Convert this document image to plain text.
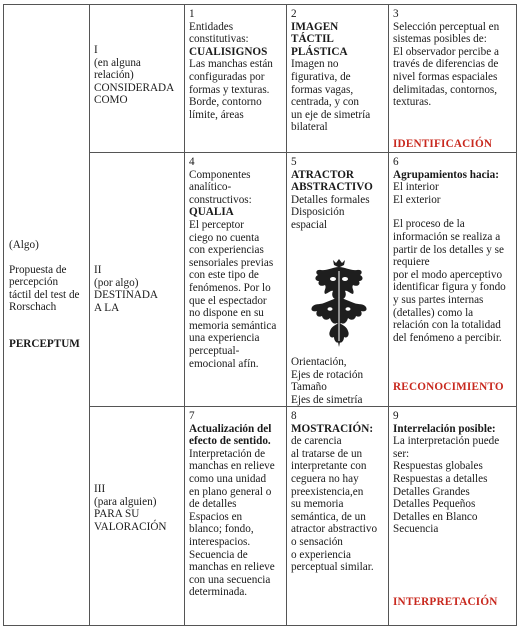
(Algo)
Propuesta de
percepción
táctil del test de
Rorschach
PERCEPTUM
I
(en alguna
relación)
CONSIDERADA
COMO
1
Entidades
constitutivas:
CUALISIGNOS
Las manchas están
configuradas por
formas y texturas.
Borde, contorno
límite, áreas
2
IMAGEN
TÁCTIL
PLÁSTICA
Imagen no
figurativa, de
formas vagas,
centrada, y con
un eje de simetría
bilateral
3
Selección perceptual en
sistemas posibles de:
El observador percibe a
través de diferencias de
nivel formas espaciales
delimitadas, contornos,
texturas.
IDENTIFICACIÓN
II
(por algo)
DESTINADA
A LA
4
Componentes
analítico-
constructivos:
QUALIA
El perceptor
ciego no cuenta
con experiencias
sensoriales previas
con este tipo de
fenómenos. Por lo
que el espectador
no dispone en su
memoria semántica
una experiencia
perceptual-
emocional afín.
5
ATRACTOR
ABSTRACTIVO
Detalles formales
Disposición
espacial
Orientación,
Ejes de rotación
Tamaño
Ejes de simetría
6
Agrupamientos hacia:
El interior
El exterior
El proceso de la
información se realiza a
partir de los detalles y se
requiere
por el modo aperceptivo
identificar figura y fondo
y sus partes internas
(detalles) como la
relación con la totalidad
del fenómeno a percibir.
RECONOCIMIENTO
III
(para alguien)
PARA SU
VALORACIÓN
7
Actualización del
efecto de sentido.
Interpretación de
manchas en relieve
como una unidad
en plano general o
de detalles
Espacios en
blanco; fondo,
interespacios.
Secuencia de
manchas en relieve
con una secuencia
determinada.
8
MOSTRACIÓN:
de carencia
al tratarse de un
interpretante con
ceguera no hay
preexistencia,en
su memoria
semántica, de un
atractor abstractivo
o sensación
o experiencia
perceptual similar.
9
Interrelación posible:
La interpretación puede
ser:
Respuestas globales
Respuestas a detalles
Detalles Grandes
Detalles Pequeños
Detalles en Blanco
Secuencia
INTERPRETACIÓN
